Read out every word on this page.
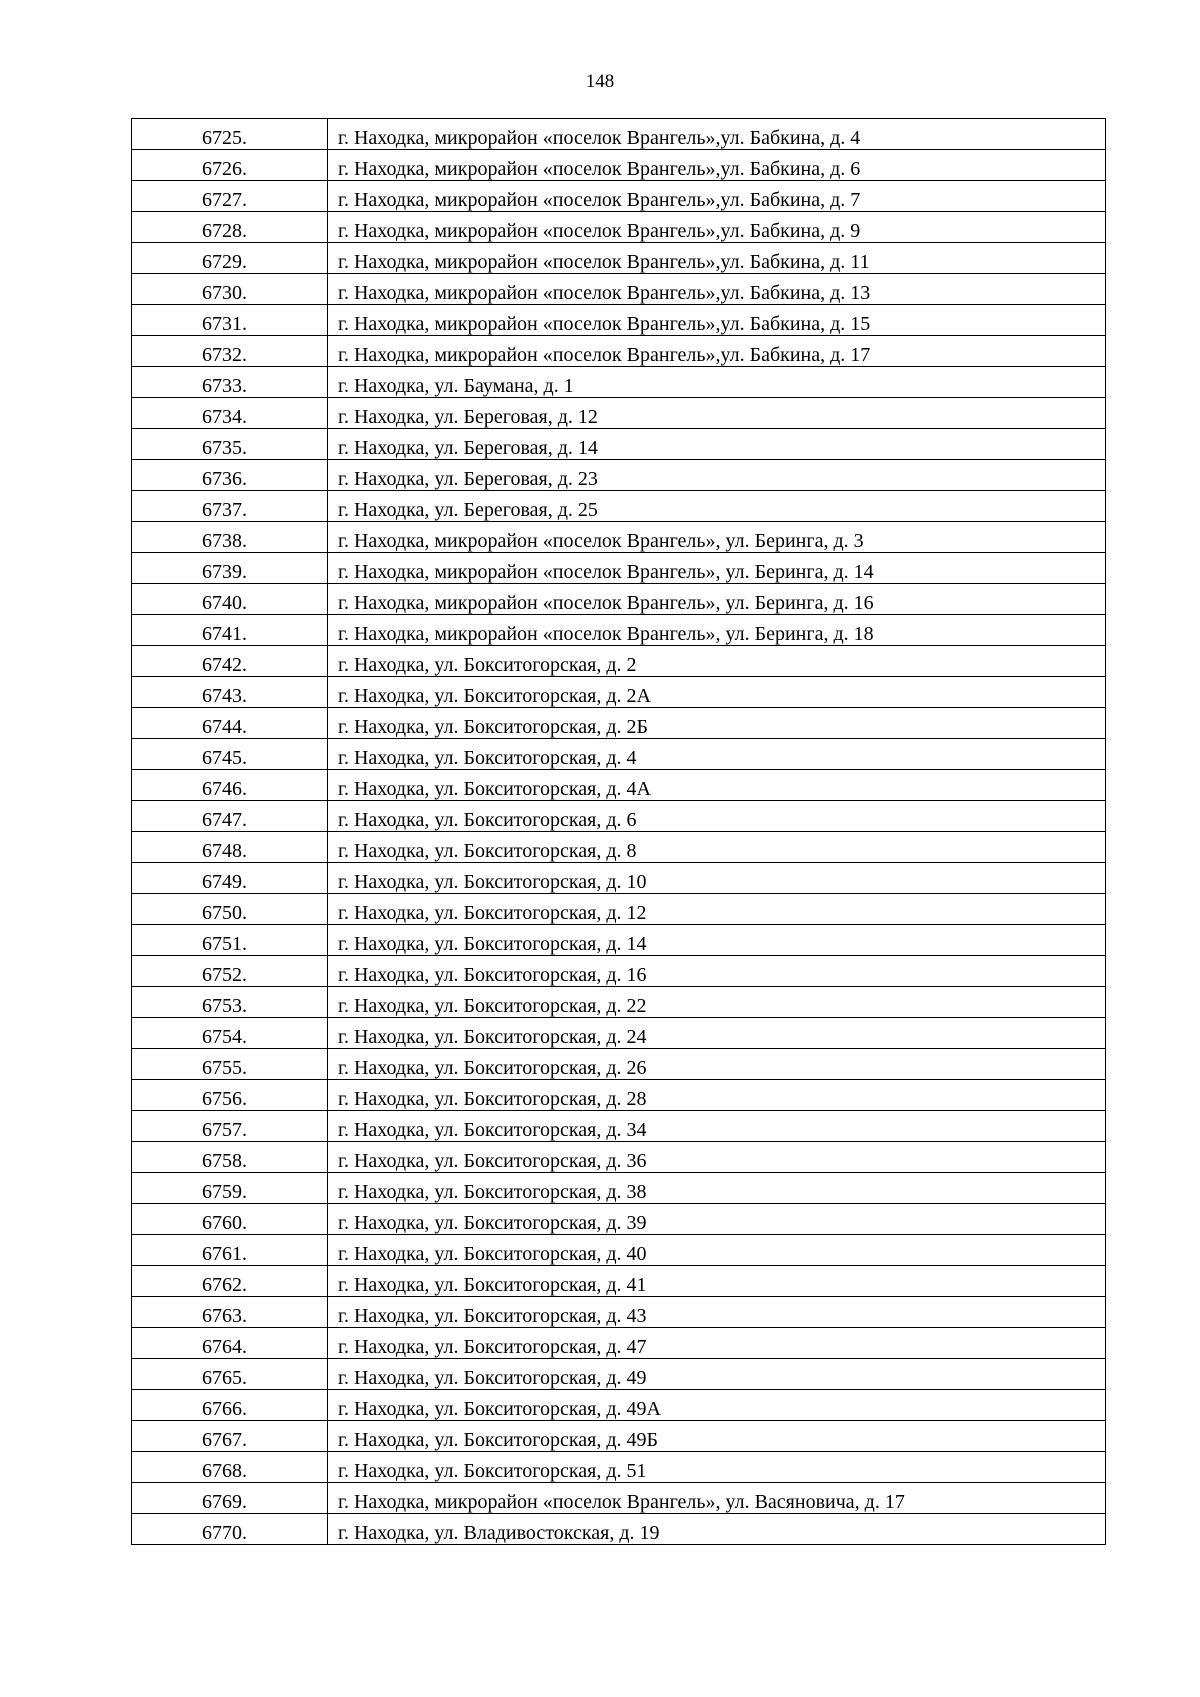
148
6725.	г. Находка, микрорайон «поселок Врангель»,ул. Бабкина, д. 4
6726.	г. Находка, микрорайон «поселок Врангель»,ул. Бабкина, д. 6
6727.	г. Находка, микрорайон «поселок Врангель»,ул. Бабкина, д. 7
6728.	г. Находка, микрорайон «поселок Врангель»,ул. Бабкина, д. 9
6729.	г. Находка, микрорайон «поселок Врангель»,ул. Бабкина, д. 11
6730.	г. Находка, микрорайон «поселок Врангель»,ул. Бабкина, д. 13
6731.	г. Находка, микрорайон «поселок Врангель»,ул. Бабкина, д. 15
6732.	г. Находка, микрорайон «поселок Врангель»,ул. Бабкина, д. 17
6733.	г. Находка, ул. Баумана, д. 1
6734.	г. Находка, ул. Береговая, д. 12
6735.	г. Находка, ул. Береговая, д. 14
6736.	г. Находка, ул. Береговая, д. 23
6737.	г. Находка, ул. Береговая, д. 25
6738.	г. Находка, микрорайон «поселок Врангель», ул. Беринга, д. 3
6739.	г. Находка, микрорайон «поселок Врангель», ул. Беринга, д. 14
6740.	г. Находка, микрорайон «поселок Врангель», ул. Беринга, д. 16
6741.	г. Находка, микрорайон «поселок Врангель», ул. Беринга, д. 18
6742.	г. Находка, ул. Бокситогорская, д. 2
6743.	г. Находка, ул. Бокситогорская, д. 2А
6744.	г. Находка, ул. Бокситогорская, д. 2Б
6745.	г. Находка, ул. Бокситогорская, д. 4
6746.	г. Находка, ул. Бокситогорская, д. 4А
6747.	г. Находка, ул. Бокситогорская, д. 6
6748.	г. Находка, ул. Бокситогорская, д. 8
6749.	г. Находка, ул. Бокситогорская, д. 10
6750.	г. Находка, ул. Бокситогорская, д. 12
6751.	г. Находка, ул. Бокситогорская, д. 14
6752.	г. Находка, ул. Бокситогорская, д. 16
6753.	г. Находка, ул. Бокситогорская, д. 22
6754.	г. Находка, ул. Бокситогорская, д. 24
6755.	г. Находка, ул. Бокситогорская, д. 26
6756.	г. Находка, ул. Бокситогорская, д. 28
6757.	г. Находка, ул. Бокситогорская, д. 34
6758.	г. Находка, ул. Бокситогорская, д. 36
6759.	г. Находка, ул. Бокситогорская, д. 38
6760.	г. Находка, ул. Бокситогорская, д. 39
6761.	г. Находка, ул. Бокситогорская, д. 40
6762.	г. Находка, ул. Бокситогорская, д. 41
6763.	г. Находка, ул. Бокситогорская, д. 43
6764.	г. Находка, ул. Бокситогорская, д. 47
6765.	г. Находка, ул. Бокситогорская, д. 49
6766.	г. Находка, ул. Бокситогорская, д. 49А
6767.	г. Находка, ул. Бокситогорская, д. 49Б
6768.	г. Находка, ул. Бокситогорская, д. 51
6769.	г. Находка, микрорайон «поселок Врангель», ул. Васяновича, д. 17
6770.	г. Находка, ул. Владивостокская, д. 19
